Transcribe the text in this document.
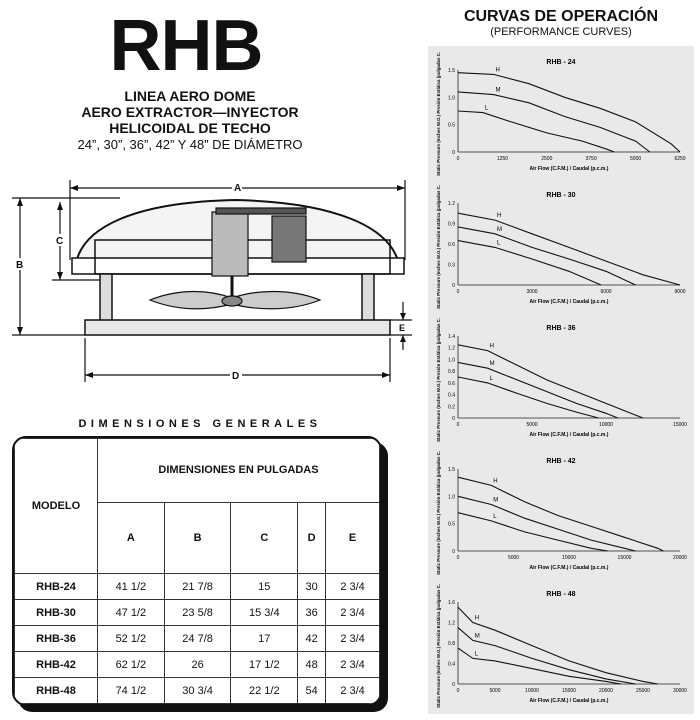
RHB
LINEA AERO DOME
AERO EXTRACTOR—INYECTOR
HELICOIDAL DE TECHO
24”, 30”, 36”, 42” Y 48” DE DIÁMETRO
A
B
C
D
E
DIMENSIONES GENERALES
MODELO	DIMENSIONES EN PULGADAS				
	A	B	C	D	E
RHB-24	41 1/2	21 7/8	15	30	2 3/4
RHB-30	47 1/2	23 5/8	15 3/4	36	2 3/4
RHB-36	52 1/2	24 7/8	17	42	2 3/4
RHB-42	62 1/2	26	17 1/2	48	2 3/4
RHB-48	74 1/2	30 3/4	22 1/2	54	2 3/4
CURVAS DE OPERACIÓN
(PERFORMANCE CURVES)
RHB - 24
0	1250	2500	3750	5000	6250
0
0.5
1.0
1.5
Air Flow (C.F.M.) / Caudal (p.c.m.)
Static Pressure (Inches W.G.) Presión Estática (pulgadas C.A.)	H
M
L
RHB - 30
0	3000	6000	9000
0
0.3
0.6
0.9
1.2
Air Flow (C.F.M.) / Caudal (p.c.m.)
Static Pressure (Inches W.G.) Presión Estática (pulgadas C.A.)	H
M
L
RHB - 36
0	5000	10000	15000
0
0.2
0.4
0.6
0.8
1.0
1.2
1.4
Air Flow (C.F.M.) / Caudal (p.c.m.)
Static Pressure (Inches W.G.) Presión Estática (pulgadas C.A.)	H
M
L
RHB - 42
0	5000	10000	15000	20000
0
0.5
1.0
1.5
Air Flow (C.F.M.) / Caudal (p.c.m.)
Static Pressure (Inches W.G.) Presión Estática (pulgadas C.A.)	H
M
L
RHB - 48
0	5000	10000	15000	20000	25000	30000
0
0.4
0.8
1.2
1.6
Air Flow (C.F.M.) / Caudal (p.c.m.)
Static Pressure (Inches W.G.) Presión Estática (pulgadas C.A.)	H
M
L
